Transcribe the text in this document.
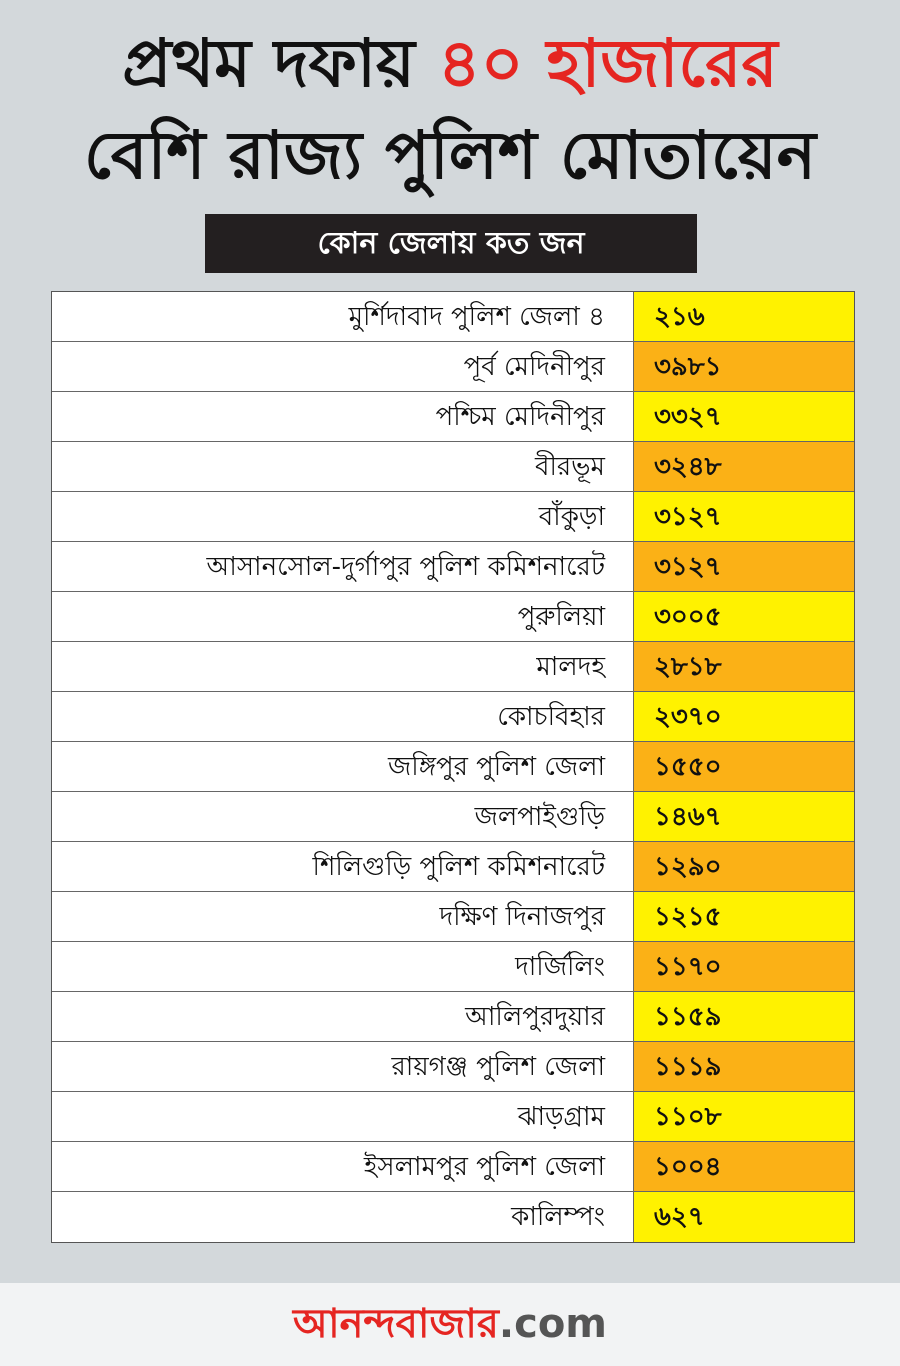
প্রথম দফায় ৪০ হাজারের
বেশি রাজ্য পুলিশ মোতায়েন
কোন জেলায় কত জন
মুর্শিদাবাদ পুলিশ জেলা ৪	২১৬
পূর্ব মেদিনীপুর	৩৯৮১
পশ্চিম মেদিনীপুর	৩৩২৭
বীরভূম	৩২৪৮
বাঁকুড়া	৩১২৭
আসানসোল-দুর্গাপুর পুলিশ কমিশনারেট	৩১২৭
পুরুলিয়া	৩০০৫
মালদহ	২৮১৮
কোচবিহার	২৩৭০
জঙ্গিপুর পুলিশ জেলা	১৫৫০
জলপাইগুড়ি	১৪৬৭
শিলিগুড়ি পুলিশ কমিশনারেট	১২৯০
দক্ষিণ দিনাজপুর	১২১৫
দার্জিলিং	১১৭০
আলিপুরদুয়ার	১১৫৯
রায়গঞ্জ পুলিশ জেলা	১১১৯
ঝাড়গ্রাম	১১০৮
ইসলামপুর পুলিশ জেলা	১০০৪
কালিম্পং	৬২৭
আনন্দবাজার.com
